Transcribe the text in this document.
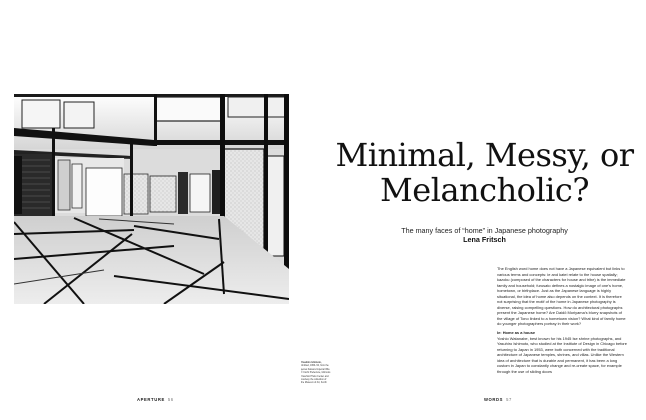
APERTURE 56
Yasuhiro Ishimoto,
Untitled, 1953–54, from the
series Katsura Imperial Villa
© Kochi Prefecture, Ishimoto
Yasuhiro Photo Center and
courtesy the collection of
the Museum of Art, Kochi
Minimal, Messy, or
Melancholic?
The many faces of “home” in Japanese photography
Lena Fritsch

The English word home does not have a Japanese equivalent but links to various terms and concepts: ie and katei relate to the house spatially; kazoku (composed of the characters for house and tribe) is the immediate family and household; furusato defines a nostalgic image of one’s home, hometown, or birthplace. Just as the Japanese language is highly situational, the idea of home also depends on the context. It is therefore not surprising that the motif of the home in Japanese photography is diverse, raising compelling questions. How do architectural photographs present the Japanese home? Are Daidō Moriyama’s blurry snapshots of the village of Tono linked to a hometown vision? What kind of family home do younger photographers portray in their work?

Ie: Home as a house

Yoshio Watanabe, best known for his 1945 Ise shrine photographs, and Yasuhiro Ishimoto, who studied at the Institute of Design in Chicago before returning to Japan in 1953, were both concerned with the traditional architecture of Japanese temples, shrines, and villas. Unlike the Western idea of architecture that is durable and permanent, it has been a long custom in Japan to constantly change and re-create space, for example through the use of sliding doors

WORDS 57
